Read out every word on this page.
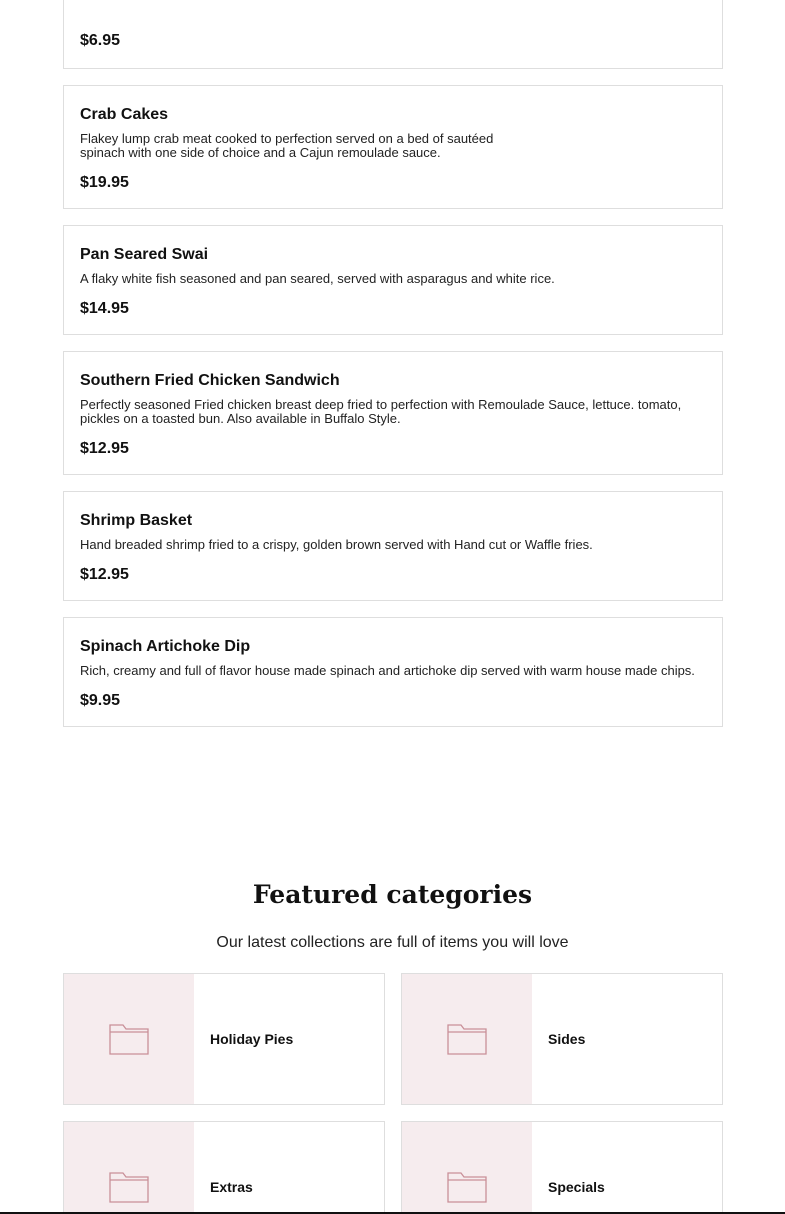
$6.95
Crab Cakes
Flakey lump crab meat cooked to perfection served on a bed of sautéed spinach with one side of choice and a Cajun remoulade sauce.
$19.95
Pan Seared Swai
A flaky white fish seasoned and pan seared, served with asparagus and white rice.
$14.95
Southern Fried Chicken Sandwich
Perfectly seasoned Fried chicken breast deep fried to perfection with Remoulade Sauce, lettuce. tomato, pickles on a toasted bun. Also available in Buffalo Style.
$12.95
Shrimp Basket
Hand breaded shrimp fried to a crispy, golden brown served with Hand cut or Waffle fries.
$12.95
Spinach Artichoke Dip
Rich, creamy and full of flavor house made spinach and artichoke dip served with warm house made chips.
$9.95
Featured categories

Our latest collections are full of items you will love

Holiday Pies	Sides
Extras	Specials
